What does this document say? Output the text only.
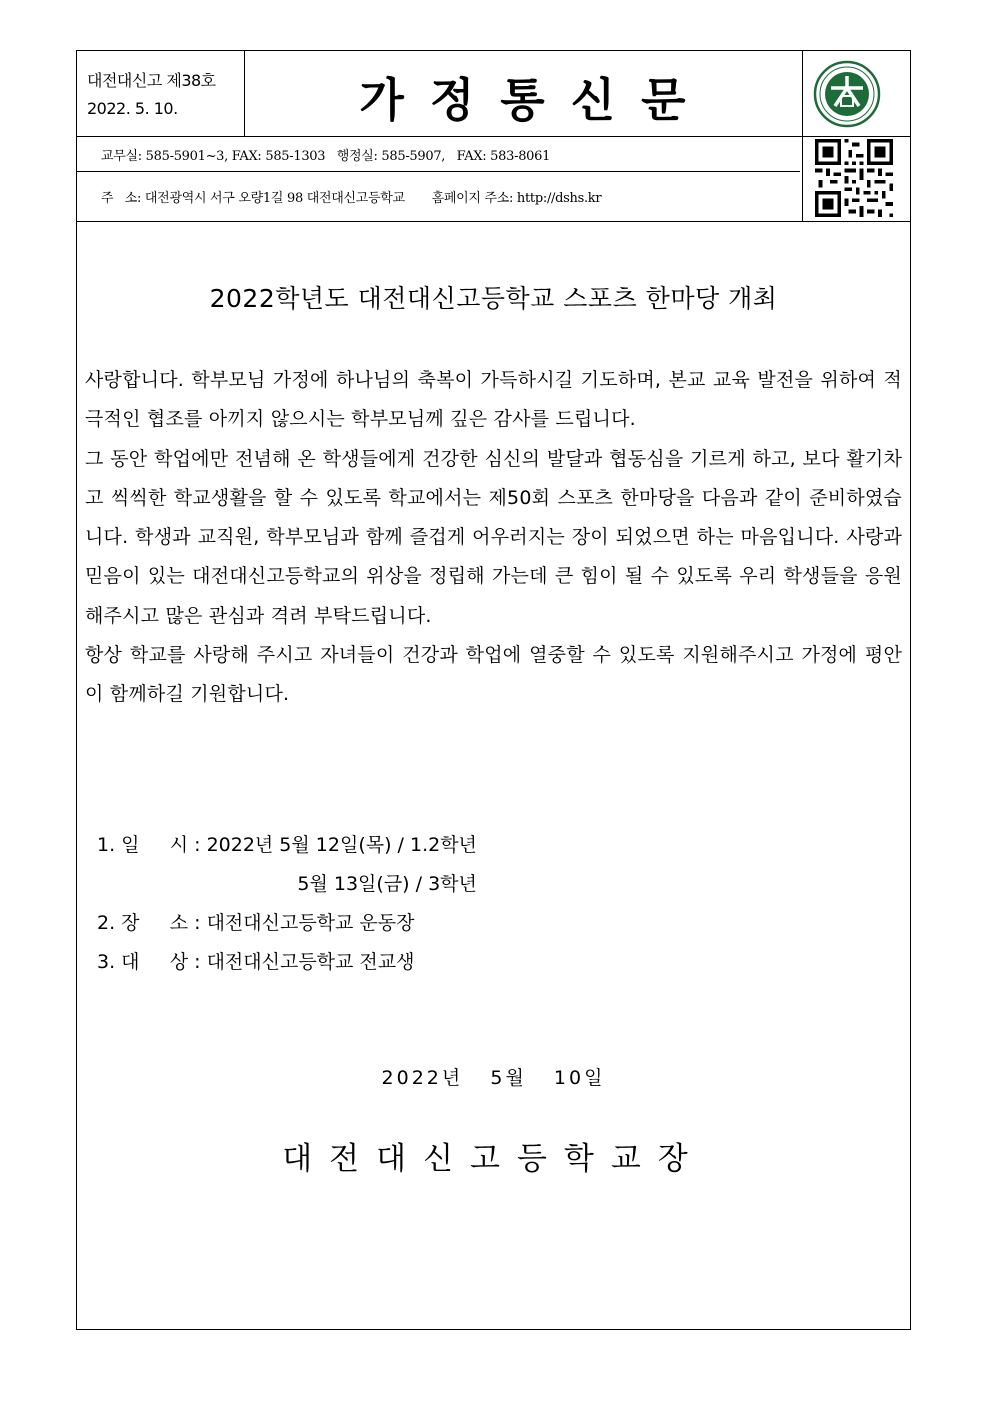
대전대신고 제38호
2022. 5. 10.	가정통신문
교무실: 585-5901~3, FAX: 585-1303   행정실: 585-5907,   FAX: 583-8061
주   소: 대전광역시 서구 오량1길 98 대전대신고등학교       홈페이지 주소: http://dshs.kr
2022학년도 대전대신고등학교 스포츠 한마당 개최

사랑합니다. 학부모님 가정에 하나님의 축복이 가득하시길 기도하며, 본교 교육 발전을 위하여 적극적인 협조를 아끼지 않으시는 학부모님께 깊은 감사를 드립니다.

그 동안 학업에만 전념해 온 학생들에게 건강한 심신의 발달과 협동심을 기르게 하고, 보다 활기차고 씩씩한 학교생활을 할 수 있도록 학교에서는 제50회 스포츠 한마당을 다음과 같이 준비하였습니다. 학생과 교직원, 학부모님과 함께 즐겁게 어우러지는 장이 되었으면 하는 마음입니다. 사랑과 믿음이 있는 대전대신고등학교의 위상을 정립해 가는데 큰 힘이 될 수 있도록 우리 학생들을 응원해주시고 많은 관심과 격려 부탁드립니다.

항상 학교를 사랑해 주시고 자녀들이 건강과 학업에 열중할 수 있도록 지원해주시고 가정에 평안이 함께하길 기원합니다.

1. 일     시 : 2022년 5월 12일(목) / 1.2학년
5월 13일(금) / 3학년
2. 장     소 : 대전대신고등학교 운동장
3. 대     상 : 대전대신고등학교 전교생
2022년   5월   10일
대전대신고등학교장
